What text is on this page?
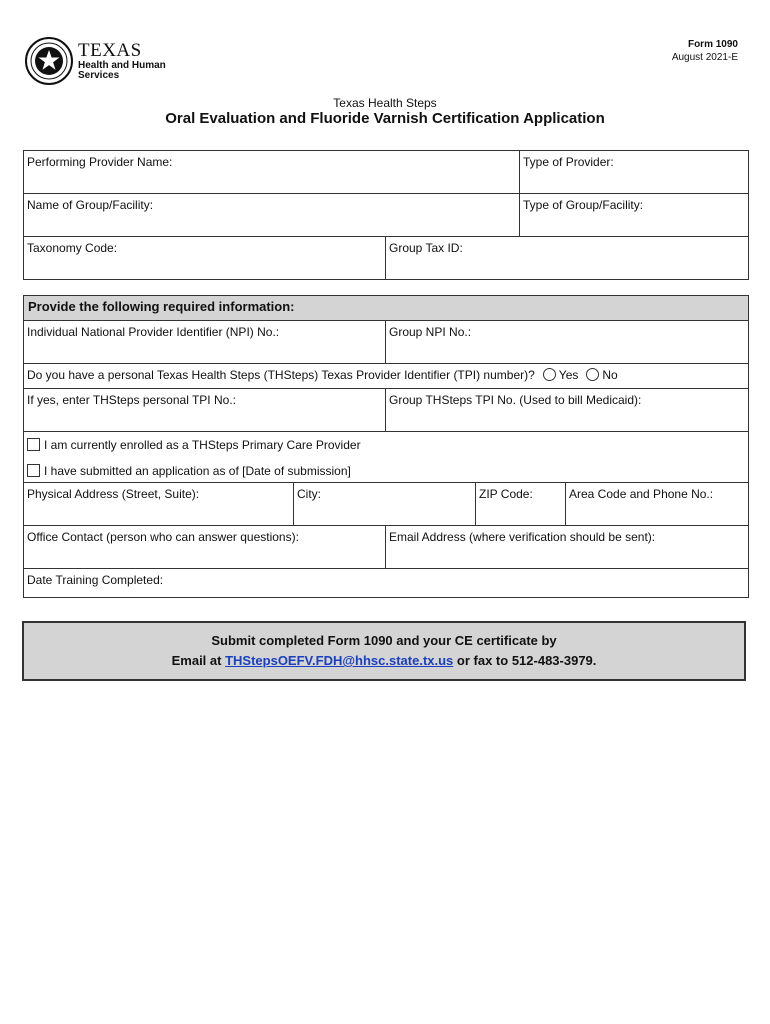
TEXAS
Health and Human Services
Form 1090
August 2021-E
Texas Health Steps
Oral Evaluation and Fluoride Varnish Certification Application
Performing Provider Name:		Type of Provider:
Name of Group/Facility:		Type of Group/Facility:
Taxonomy Code:	Group Tax ID:	
Provide the following required information:				
Individual National Provider Identifier (NPI) No.:		Group NPI No.:		
Do you have a personal Texas Health Steps (THSteps) Texas Provider Identifier (TPI) number)? Yes No				
If yes, enter THSteps personal TPI No.:		Group THSteps TPI No. (Used to bill Medicaid):		
I am currently enrolled as a THSteps Primary Care Provider				
I have submitted an application as of [Date of submission]				
Physical Address (Street, Suite):	City:		ZIP Code:	Area Code and Phone No.:
Office Contact (person who can answer questions):		Email Address (where verification should be sent):		
Date Training Completed:				
Submit completed Form 1090 and your CE certificate by
Email at THStepsOEFV.FDH@hhsc.state.tx.us or fax to 512-483-3979.
